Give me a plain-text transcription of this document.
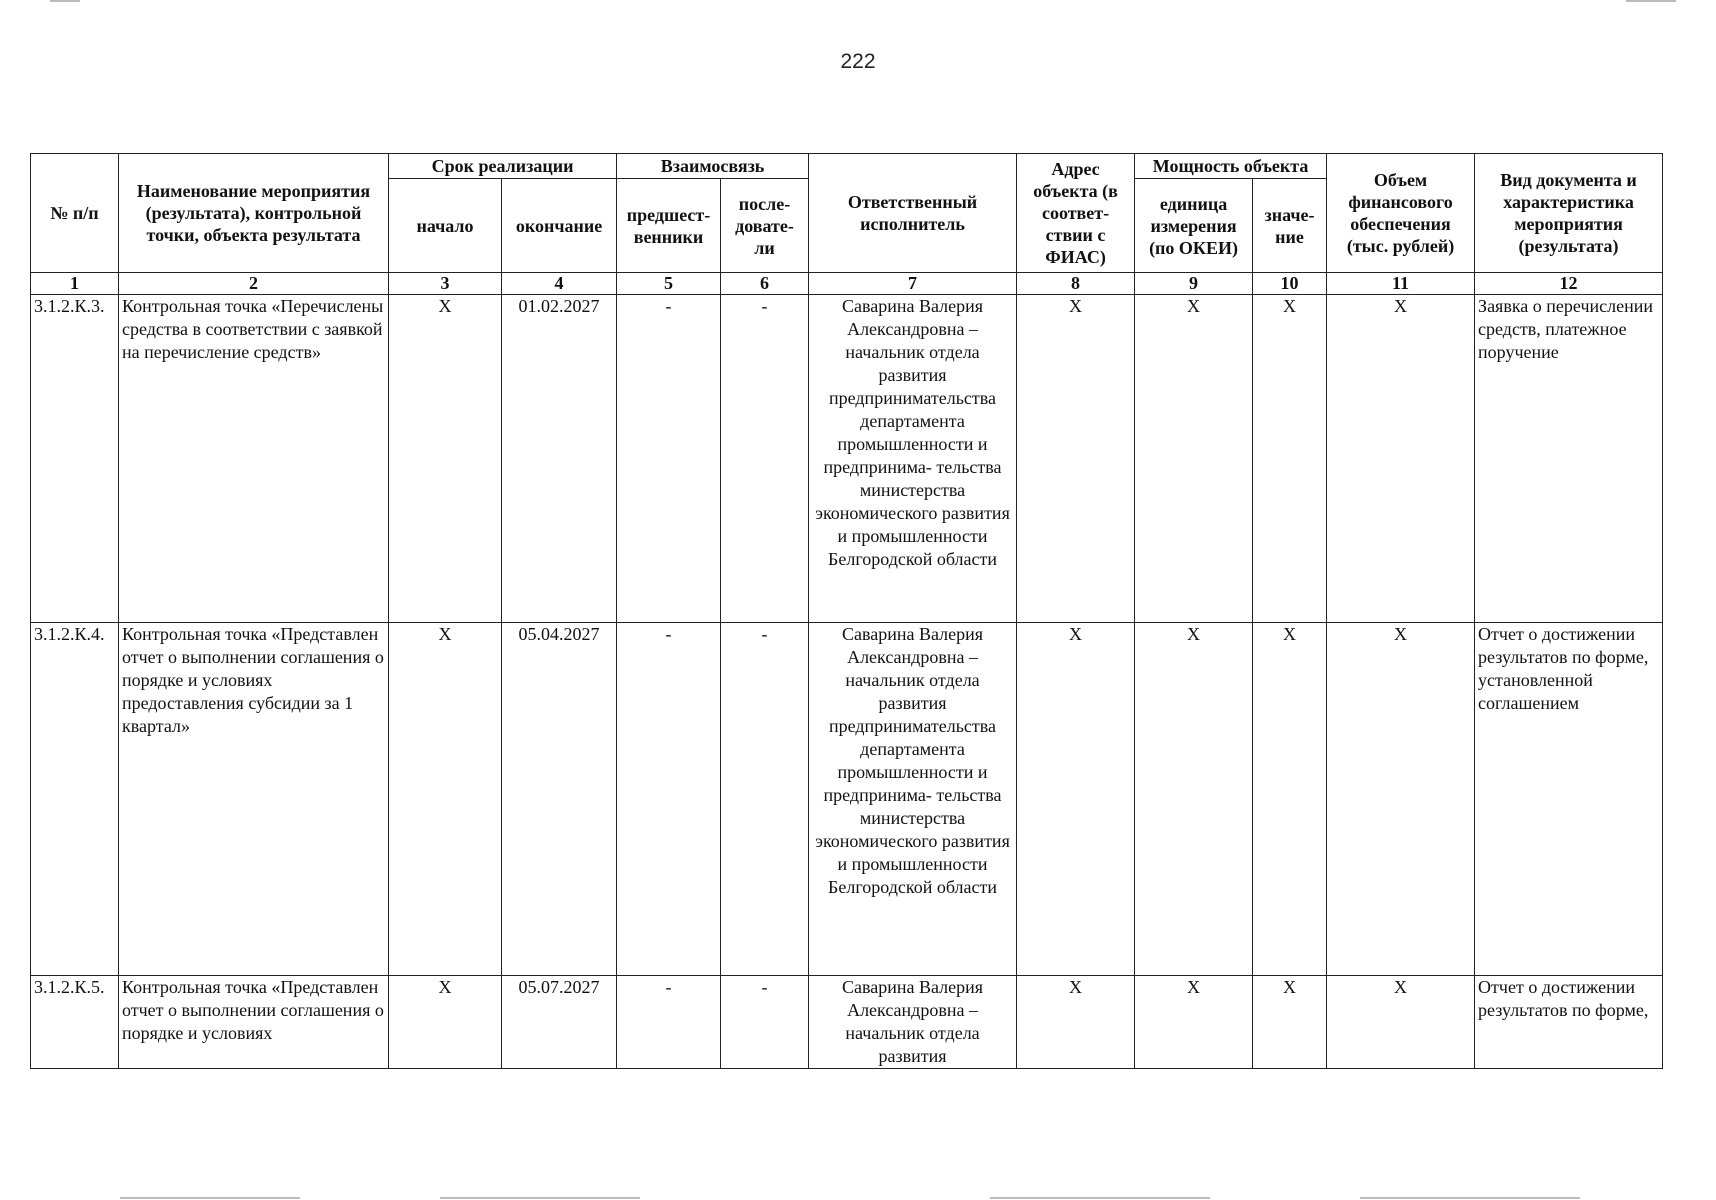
222
№ п/п	Наименование мероприятия (результата), контрольной точки, объекта результата	Срок реализации		Взаимосвязь		Ответственный исполнитель	Адрес объекта (в соответ- ствии с ФИАС)	Мощность объекта		Объем финансового обеспечения (тыс. рублей)	Вид документа и характеристика мероприятия (результата)
		начало	окончание	предшест- венники	после- довате- ли			единица измерения (по ОКЕИ)	значе- ние		
1	2	3	4	5	6	7	8	9	10	11	12
3.1.2.К.3.	Контрольная точка «Перечислены средства в соответствии с заявкой на перечисление средств»	X	01.02.2027	-	-	Саварина Валерия Александровна – начальник отдела развития предпринимательства департамента промышленности и предпринима- тельства министерства экономического развития и промышленности Белгородской области	X	X	X	X	Заявка о перечислении средств, платежное поручение
3.1.2.К.4.	Контрольная точка «Представлен отчет о выполнении соглашения о порядке и условиях предоставления субсидии за 1 квартал»	X	05.04.2027	-	-	Саварина Валерия Александровна – начальник отдела развития предпринимательства департамента промышленности и предпринима- тельства министерства экономического развития и промышленности Белгородской области	X	X	X	X	Отчет о достижении результатов по форме, установленной соглашением
3.1.2.К.5.	Контрольная точка «Представлен отчет о выполнении соглашения о порядке и условиях	X	05.07.2027	-	-	Саварина Валерия Александровна – начальник отдела развития	X	X	X	X	Отчет о достижении результатов по форме,
